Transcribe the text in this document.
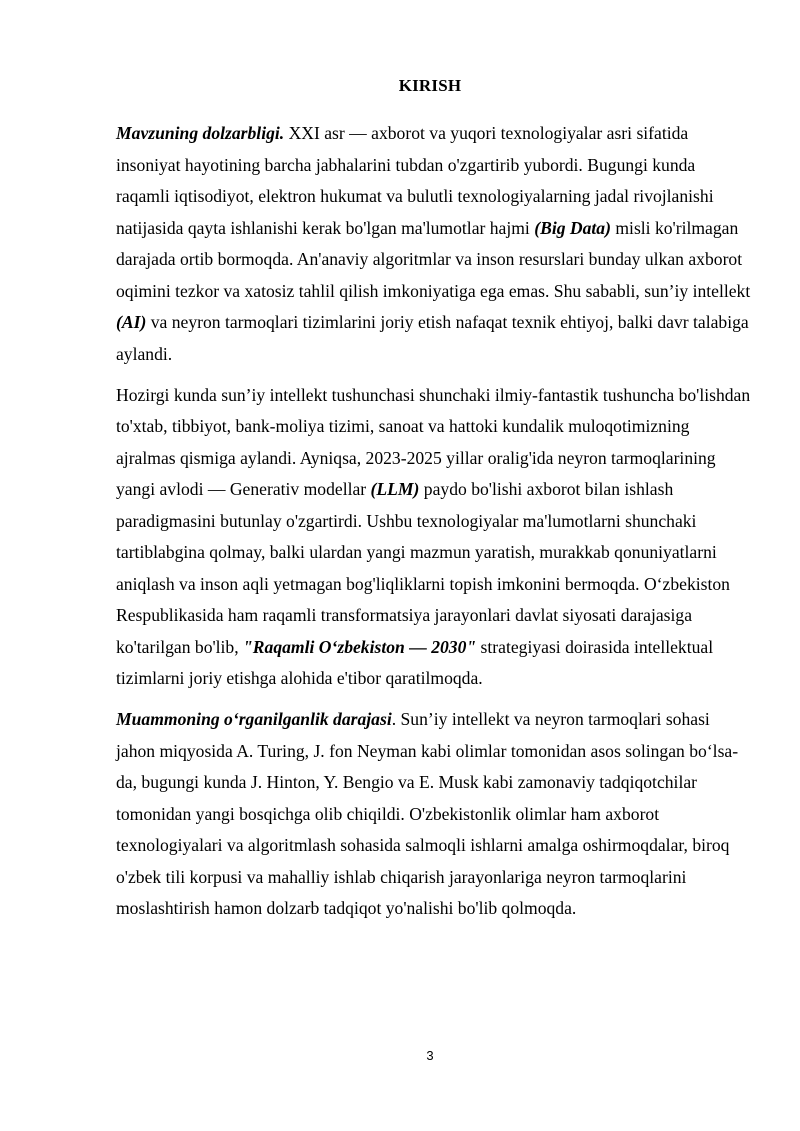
KIRISH

Mavzuning dolzarbligi. XXI asr — axborot va yuqori texnologiyalar asri sifatida insoniyat hayotining barcha jabhalarini tubdan o'zgartirib yubordi. Bugungi kunda raqamli iqtisodiyot, elektron hukumat va bulutli texnologiyalarning jadal rivojlanishi natijasida qayta ishlanishi kerak bo'lgan ma'lumotlar hajmi (Big Data) misli ko'rilmagan darajada ortib bormoqda. An'anaviy algoritmlar va inson resurslari bunday ulkan axborot oqimini tezkor va xatosiz tahlil qilish imkoniyatiga ega emas. Shu sababli, sun’iy intellekt (AI) va neyron tarmoqlari tizimlarini joriy etish nafaqat texnik ehtiyoj, balki davr talabiga aylandi.

Hozirgi kunda sun’iy intellekt tushunchasi shunchaki ilmiy-fantastik tushuncha bo'lishdan to'xtab, tibbiyot, bank-moliya tizimi, sanoat va hattoki kundalik muloqotimizning ajralmas qismiga aylandi. Ayniqsa, 2023-2025 yillar oralig'ida neyron tarmoqlarining yangi avlodi — Generativ modellar (LLM) paydo bo'lishi axborot bilan ishlash paradigmasini butunlay o'zgartirdi. Ushbu texnologiyalar ma'lumotlarni shunchaki tartiblabgina qolmay, balki ulardan yangi mazmun yaratish, murakkab qonuniyatlarni aniqlash va inson aqli yetmagan bog'liqliklarni topish imkonini bermoqda. O‘zbekiston Respublikasida ham raqamli transformatsiya jarayonlari davlat siyosati darajasiga ko'tarilgan bo'lib, "Raqamli O‘zbekiston — 2030" strategiyasi doirasida intellektual tizimlarni joriy etishga alohida e'tibor qaratilmoqda.

Muammoning o‘rganilganlik darajasi. Sun’iy intellekt va neyron tarmoqlari sohasi jahon miqyosida A. Turing, J. fon Neyman kabi olimlar tomonidan asos solingan bo‘lsa-da, bugungi kunda J. Hinton, Y. Bengio va E. Musk kabi zamonaviy tadqiqotchilar tomonidan yangi bosqichga olib chiqildi. O'zbekistonlik olimlar ham axborot texnologiyalari va algoritmlash sohasida salmoqli ishlarni amalga oshirmoqdalar, biroq o'zbek tili korpusi va mahalliy ishlab chiqarish jarayonlariga neyron tarmoqlarini moslashtirish hamon dolzarb tadqiqot yo'nalishi bo'lib qolmoqda.

3
